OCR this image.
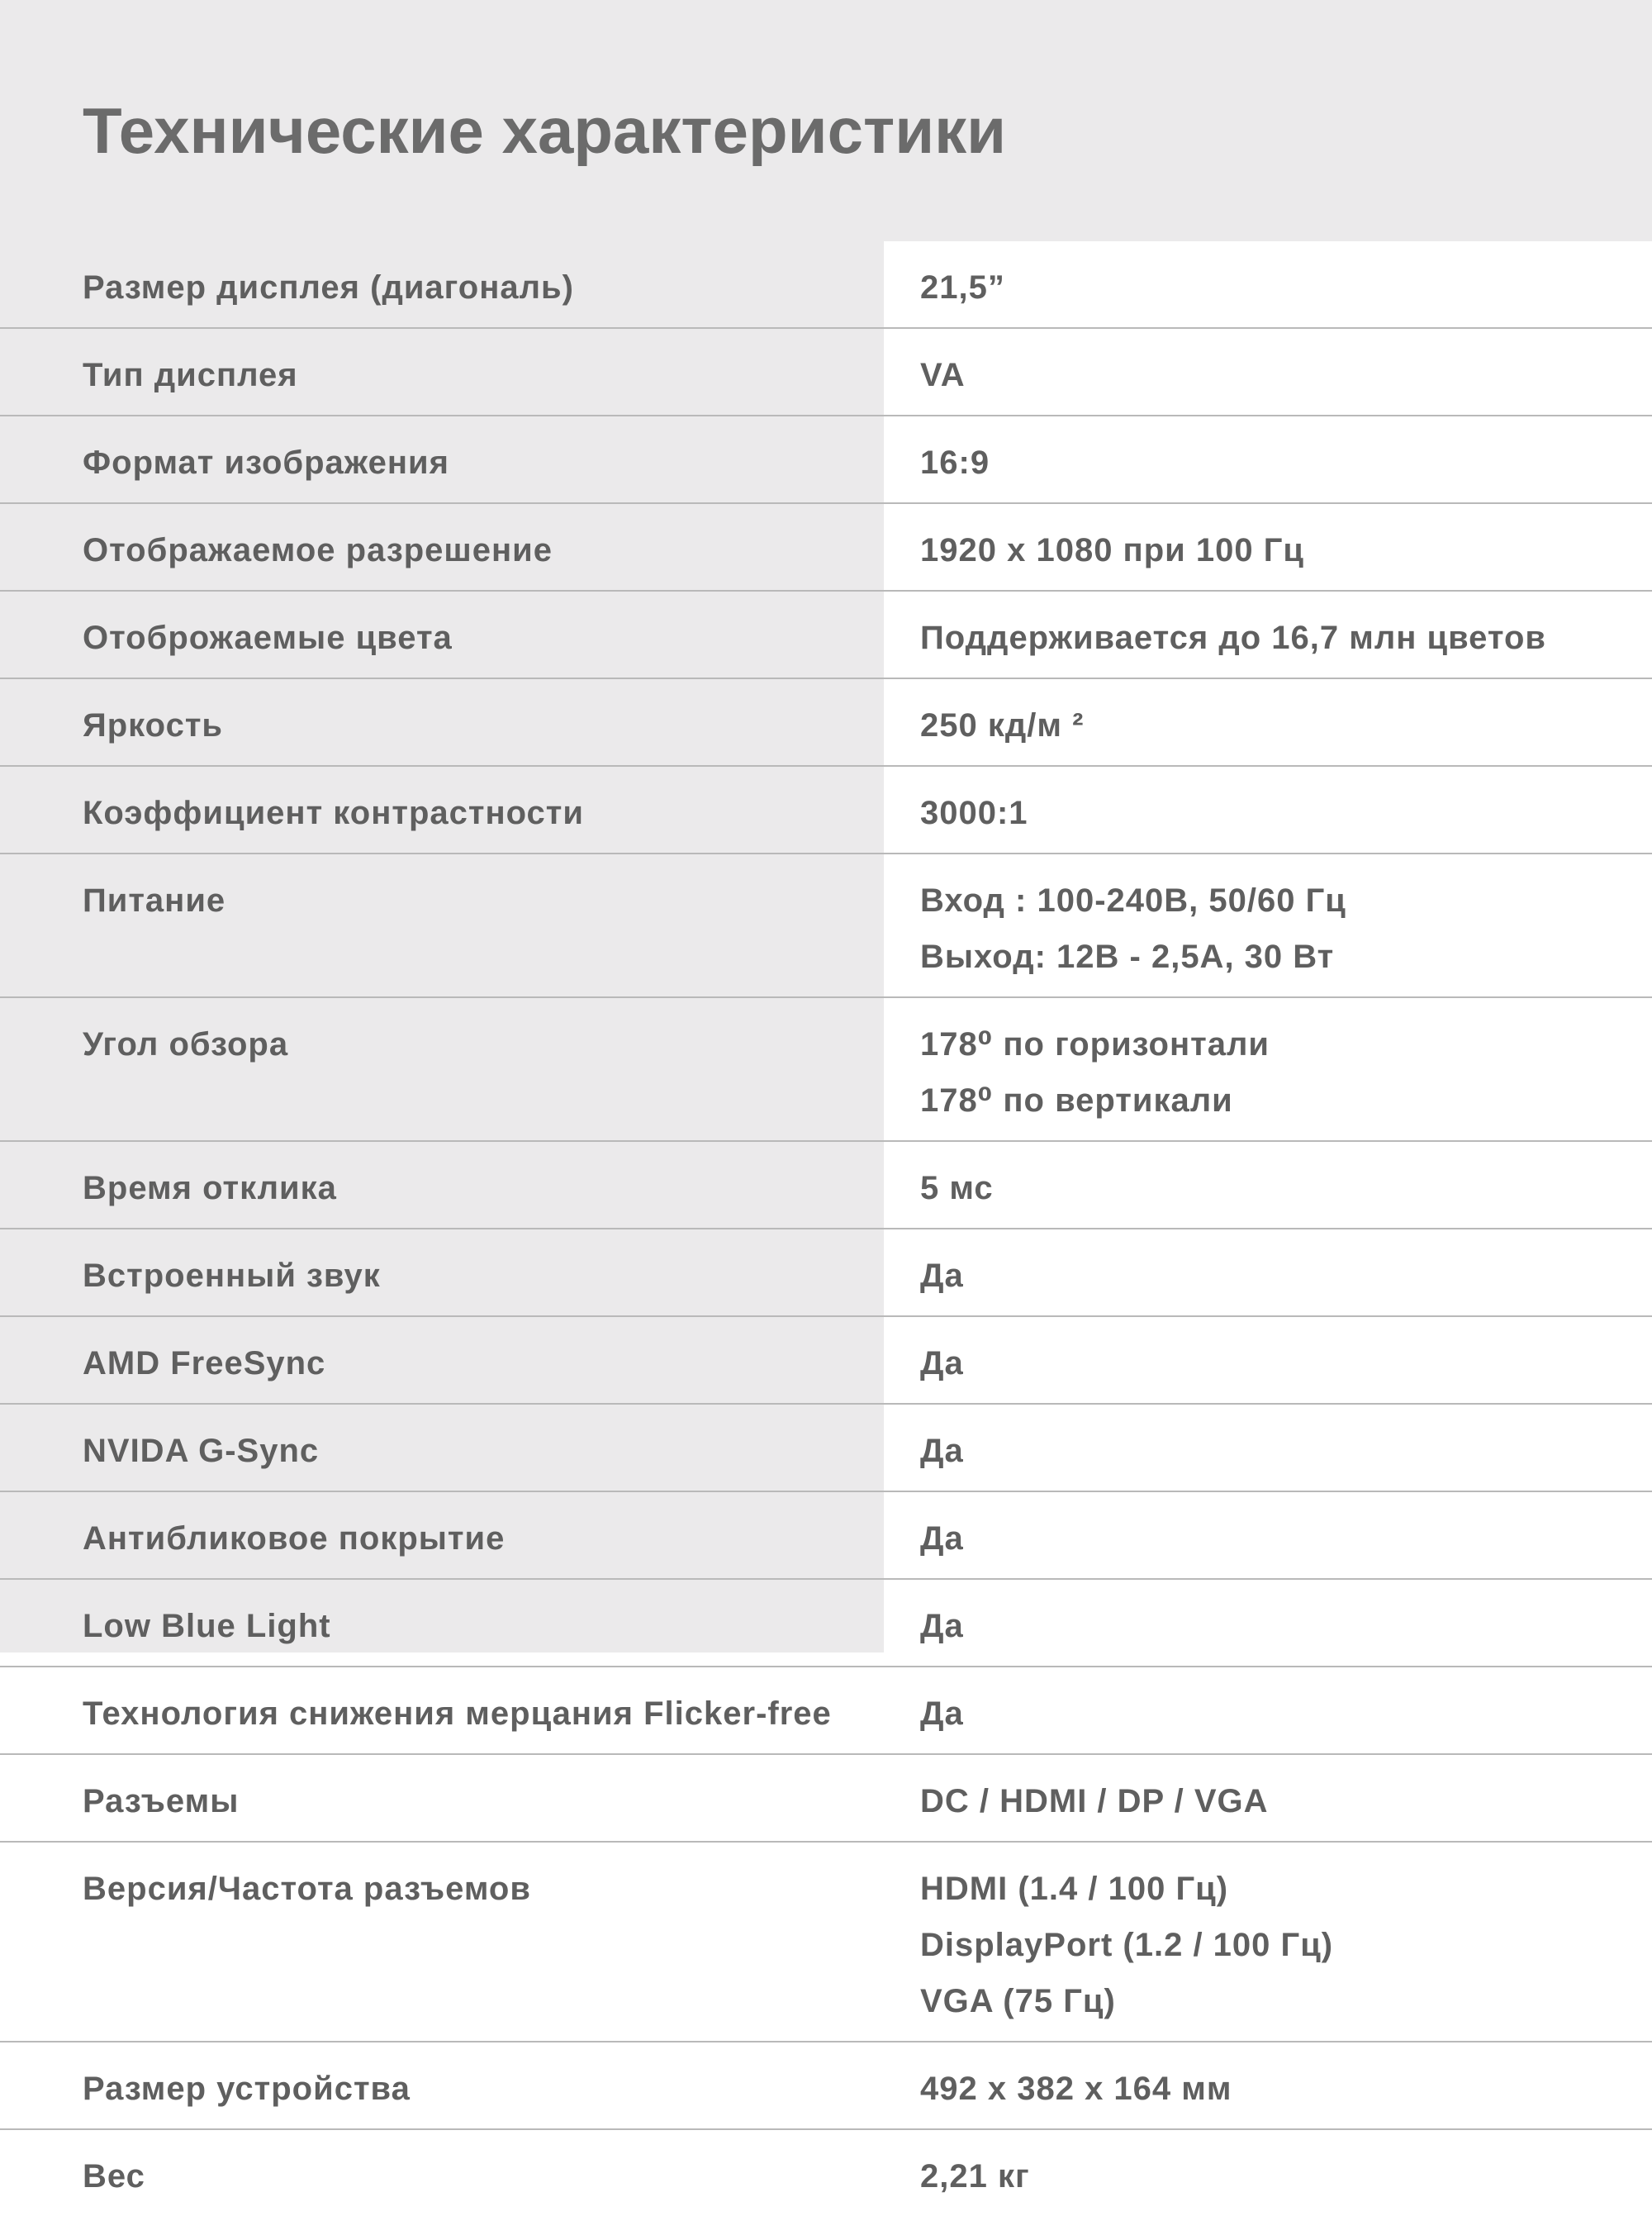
Технические характеристики
Размер дисплея (диагональ)	21,5”
Тип дисплея	VA
Формат изображения	16:9
Отображаемое разрешение	1920 x 1080 при 100 Гц
Отоброжаемые цвета	Поддерживается до 16,7 млн цветов
Яркость	250 кд/м ²
Коэффициент контрастности	3000:1
Питание	Вход : 100-240В, 50/60 Гц
Выход: 12В - 2,5А, 30 Вт
Угол обзора	178⁰ по горизонтали
178⁰ по вертикали
Время отклика	5 мс
Встроенный звук	Да
AMD FreeSync	Да
NVIDA G-Sync	Да
Антибликовое покрытие	Да
Low Blue Light	Да
Технология снижения мерцания Flicker-free	Да
Разъемы	DC / HDMI / DP / VGA
Версия/Частота разъемов	HDMI (1.4 / 100 Гц)
DisplayPort (1.2 / 100 Гц)
VGA (75 Гц)
Размер устройства	492 x 382 x 164 мм
Вес	2,21 кг
